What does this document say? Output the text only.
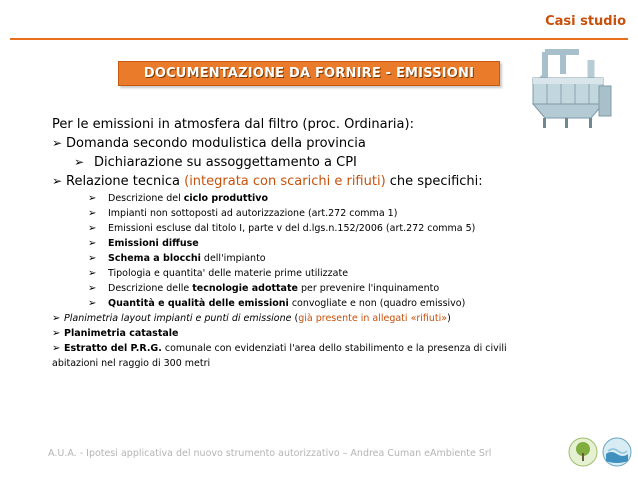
Casi studio
DOCUMENTAZIONE DA FORNIRE - EMISSIONI
Per le emissioni in atmosfera dal filtro (proc. Ordinaria):
➢ Domanda secondo modulistica della provincia
➢ Dichiarazione su assoggettamento a CPI
➢ Relazione tecnica (integrata con scarichi e rifiuti) che specifichi:
➢ Descrizione del ciclo produttivo
➢ Impianti non sottoposti ad autorizzazione (art.272 comma 1)
➢ Emissioni escluse dal titolo I, parte v del d.lgs.n.152/2006 (art.272 comma 5)
➢ Emissioni diffuse
➢ Schema a blocchi dell'impianto
➢ Tipologia e quantita' delle materie prime utilizzate
➢ Descrizione delle tecnologie adottate per prevenire l'inquinamento
➢ Quantità e qualità delle emissioni convogliate e non (quadro emissivo)
➢ Planimetria layout impianti e punti di emissione (già presente in allegati «rifiuti»)
➢ Planimetria catastale
➢ Estratto del P.R.G. comunale con evidenziati l'area dello stabilimento e la presenza di civili
abitazioni nel raggio di 300 metri
A.U.A. - Ipotesi applicativa del nuovo strumento autorizzativo – Andrea Cuman eAmbiente Srl
